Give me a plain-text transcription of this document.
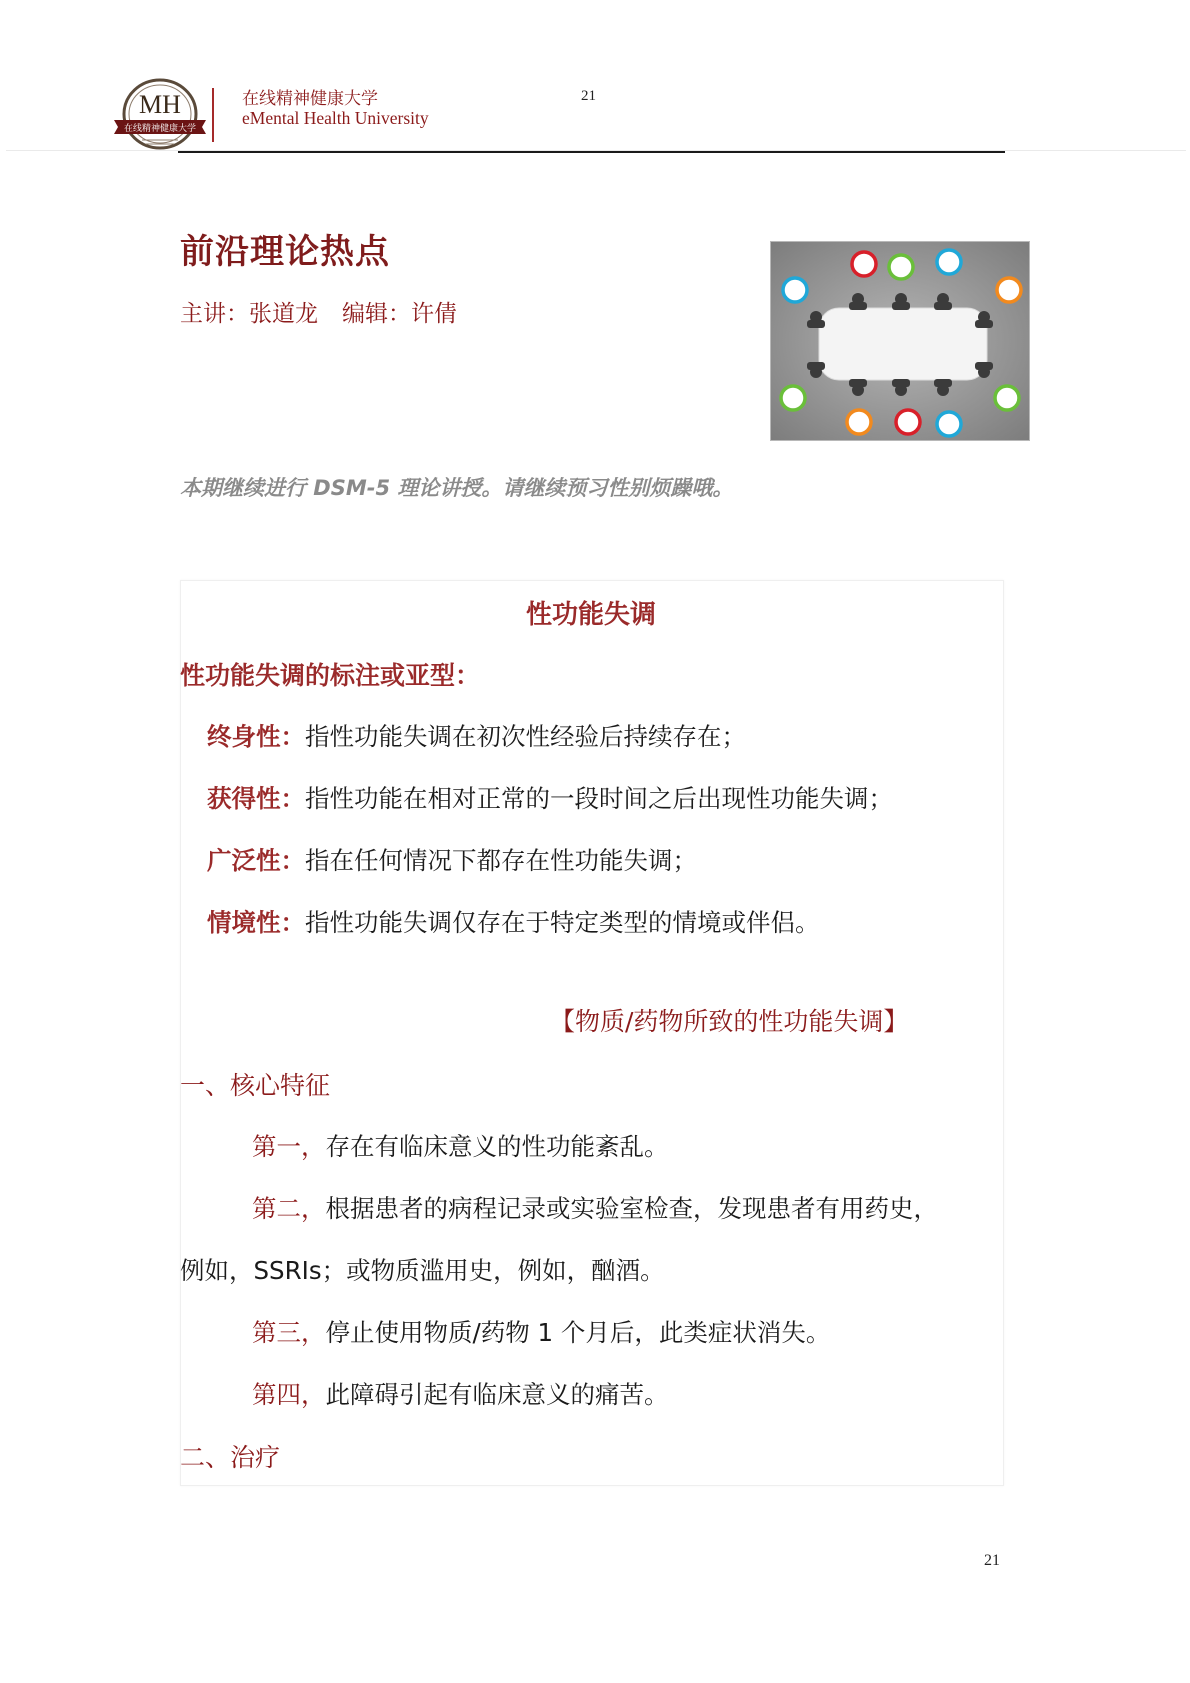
MH
在线精神健康大学
在线精神健康大学
eMental Health University
21
前沿理论热点
主讲：张道龙 编辑：许倩
本期继续进行 DSM-5 理论讲授。请继续预习性别烦躁哦。
性功能失调
性功能失调的标注或亚型：
终身性：指性功能失调在初次性经验后持续存在；
获得性：指性功能在相对正常的一段时间之后出现性功能失调；
广泛性：指在任何情况下都存在性功能失调；
情境性：指性功能失调仅存在于特定类型的情境或伴侣。
【物质/药物所致的性功能失调】
一、核心特征
第一，存在有临床意义的性功能紊乱。
第二，根据患者的病程记录或实验室检查，发现患者有用药史，
例如，SSRIs；或物质滥用史，例如，酗酒。
第三，停止使用物质/药物 1 个月后，此类症状消失。
第四，此障碍引起有临床意义的痛苦。
二、治疗
21
